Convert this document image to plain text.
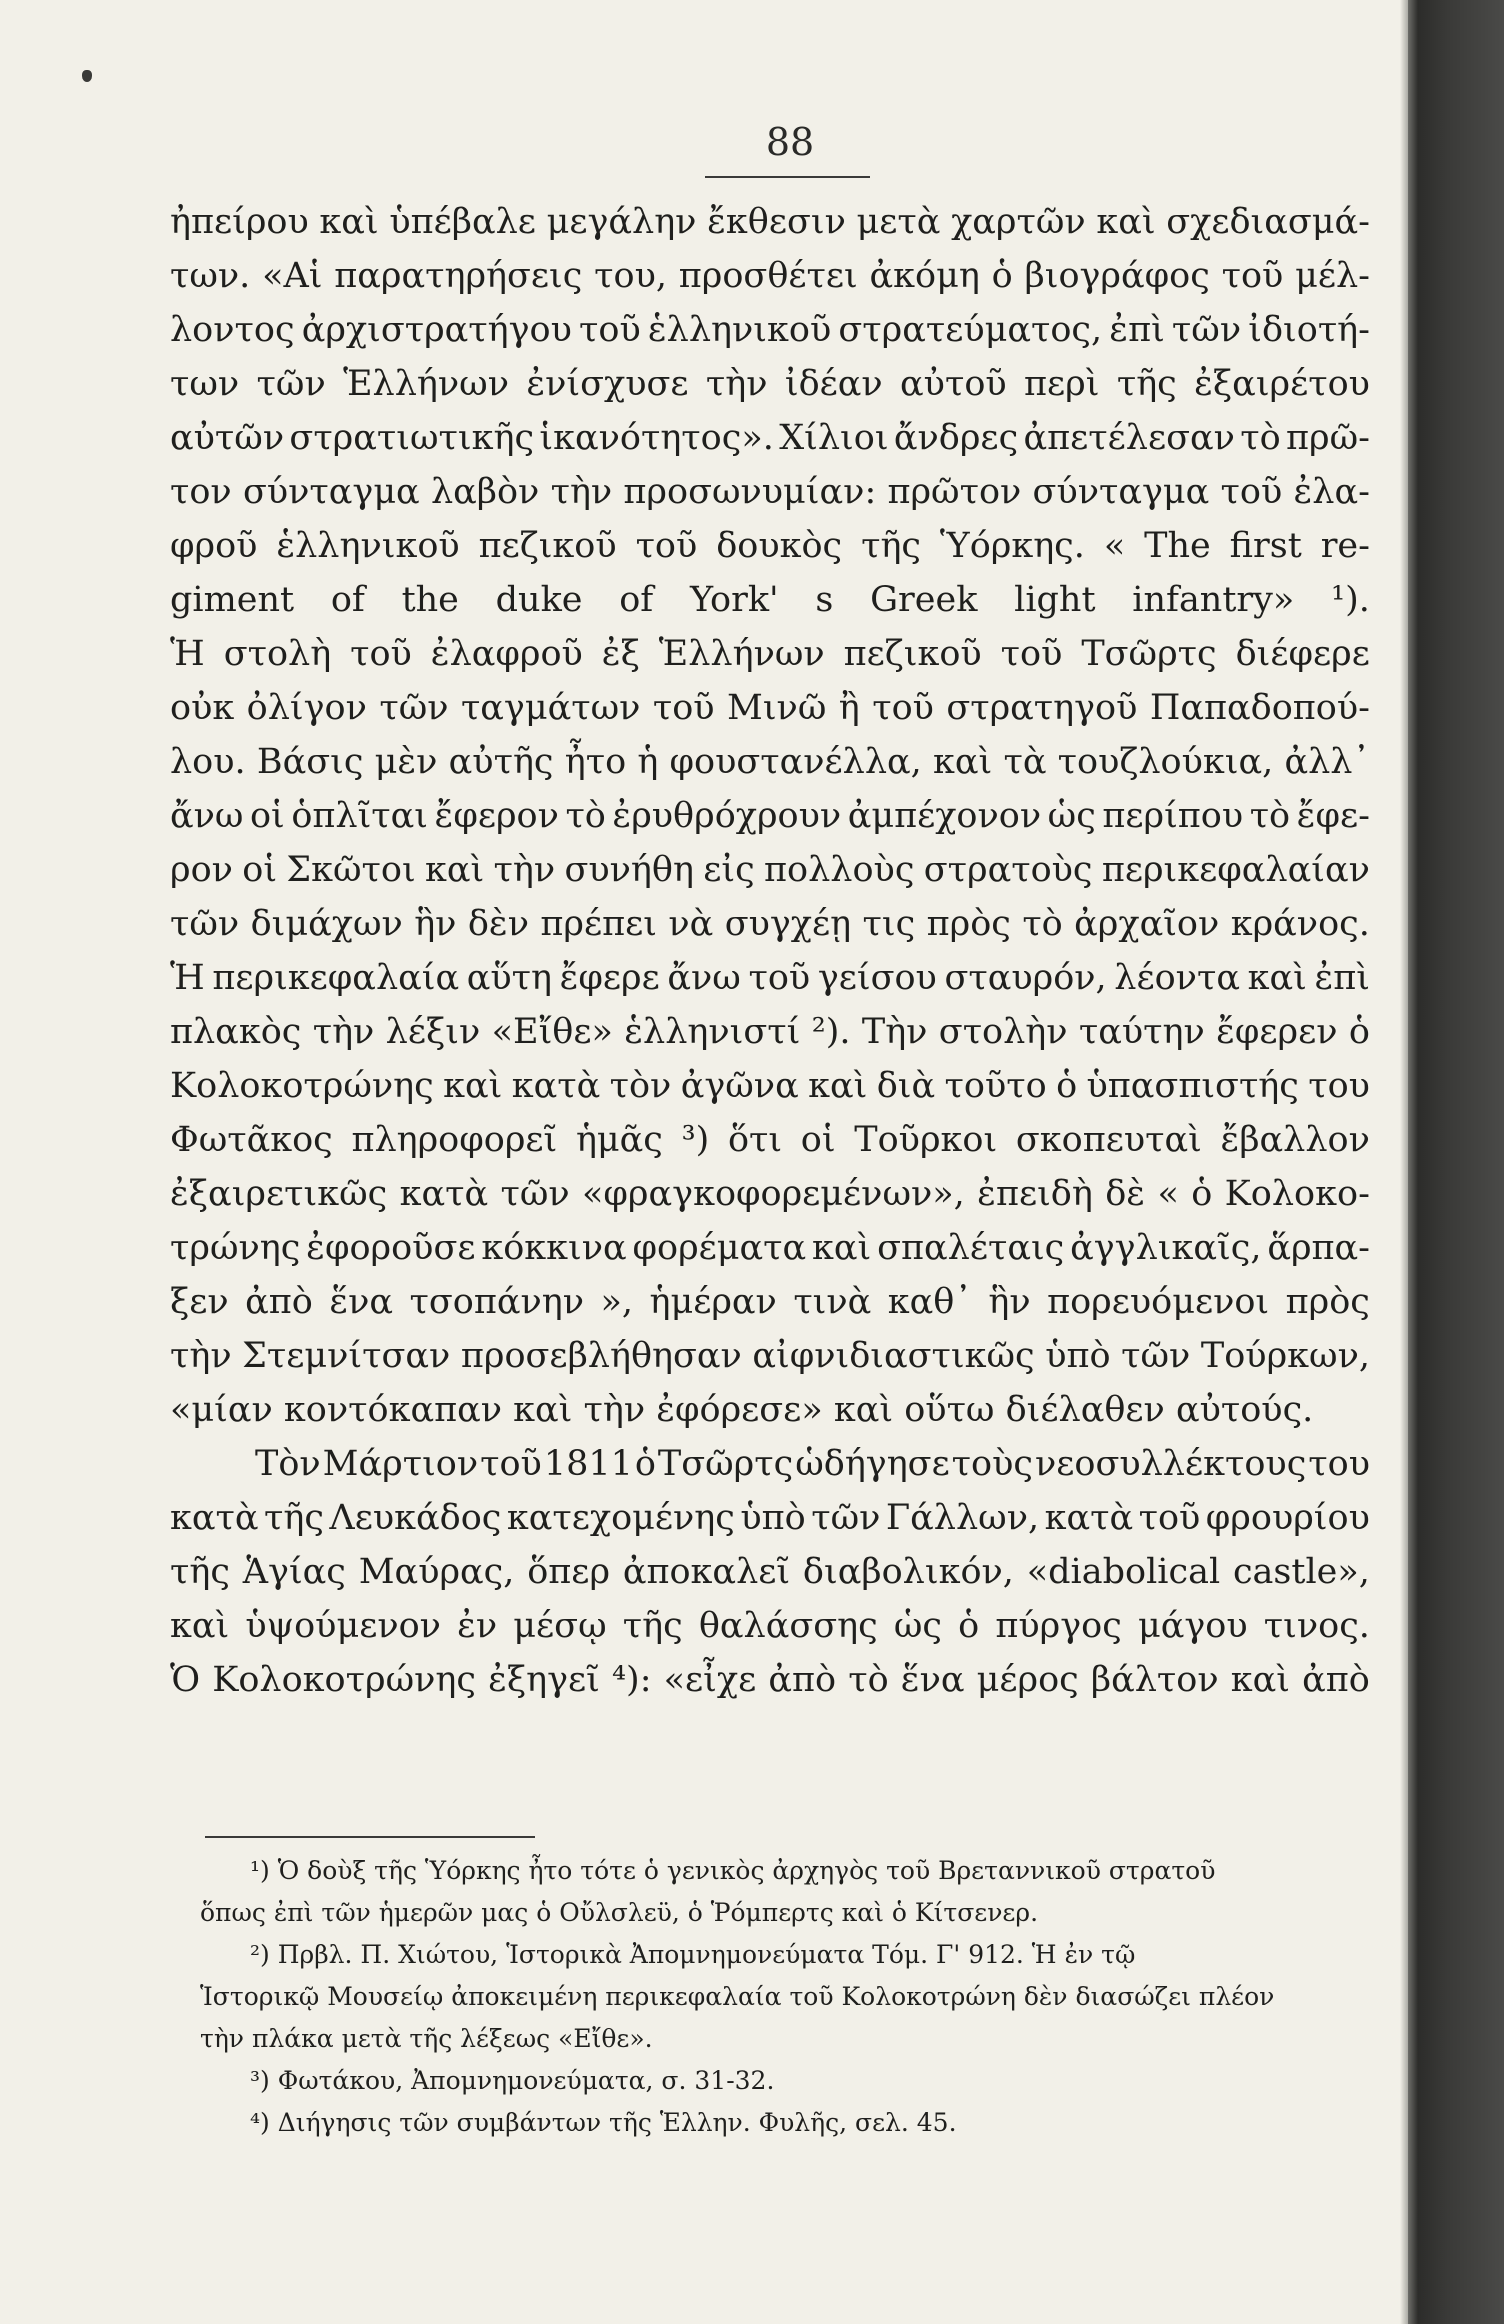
88
ἠπείρου καὶ ὑπέβαλε μεγάλην ἔκθεσιν μετὰ χαρτῶν καὶ σχεδιασμά-
των. «Αἱ παρατηρήσεις του, προσθέτει ἀκόμη ὁ βιογράφος τοῦ μέλ-
λοντος ἀρχιστρατήγου τοῦ ἑλληνικοῦ στρατεύματος, ἐπὶ τῶν ἰδιοτή-
των τῶν Ἑλλήνων ἐνίσχυσε τὴν ἰδέαν αὐτοῦ περὶ τῆς ἐξαιρέτου
αὐτῶν στρατιωτικῆς ἱκανότητος». Χίλιοι ἄνδρες ἀπετέλεσαν τὸ πρῶ-
τον σύνταγμα λαβὸν τὴν προσωνυμίαν: πρῶτον σύνταγμα τοῦ ἐλα-
φροῦ ἑλληνικοῦ πεζικοῦ τοῦ δουκὸς τῆς Ὑόρκης. « The first re-
giment of the duke of York' s Greek light infantry» ¹).
Ἡ στολὴ τοῦ ἐλαφροῦ ἐξ Ἑλλήνων πεζικοῦ τοῦ Τσῶρτς διέφερε
οὐκ ὀλίγον τῶν ταγμάτων τοῦ Μινῶ ἢ τοῦ στρατηγοῦ Παπαδοπού-
λου. Βάσις μὲν αὐτῆς ἦτο ἡ φουστανέλλα, καὶ τὰ τουζλούκια, ἀλλ᾽
ἄνω οἱ ὁπλῖται ἔφερον τὸ ἐρυθρόχρουν ἀμπέχονον ὡς περίπου τὸ ἔφε-
ρον οἱ Σκῶτοι καὶ τὴν συνήθη εἰς πολλοὺς στρατοὺς περικεφαλαίαν
τῶν διμάχων ἣν δὲν πρέπει νὰ συγχέῃ τις πρὸς τὸ ἀρχαῖον κράνος.
Ἡ περικεφαλαία αὕτη ἔφερε ἄνω τοῦ γείσου σταυρόν, λέοντα καὶ ἐπὶ
πλακὸς τὴν λέξιν «Εἴθε» ἑλληνιστί ²). Τὴν στολὴν ταύτην ἔφερεν ὁ
Κολοκοτρώνης καὶ κατὰ τὸν ἀγῶνα καὶ διὰ τοῦτο ὁ ὑπασπιστής του
Φωτᾶκος πληροφορεῖ ἡμᾶς ³) ὅτι οἱ Τοῦρκοι σκοπευταὶ ἔβαλλον
ἐξαιρετικῶς κατὰ τῶν «φραγκοφορεμένων», ἐπειδὴ δὲ « ὁ Κολοκο-
τρώνης ἐφοροῦσε κόκκινα φορέματα καὶ σπαλέταις ἀγγλικαῖς, ἅρπα-
ξεν ἀπὸ ἕνα τσοπάνην », ἡμέραν τινὰ καθ᾽ ἣν πορευόμενοι πρὸς
τὴν Στεμνίτσαν προσεβλήθησαν αἰφνιδιαστικῶς ὑπὸ τῶν Τούρκων,
«μίαν κοντόκαπαν καὶ τὴν ἐφόρεσε» καὶ οὕτω διέλαθεν αὐτούς.
Τὸν Μάρτιον τοῦ 1811 ὁ Τσῶρτς ὡδήγησε τοὺς νεοσυλλέκτους του
κατὰ τῆς Λευκάδος κατεχομένης ὑπὸ τῶν Γάλλων, κατὰ τοῦ φρουρίου
τῆς Ἁγίας Μαύρας, ὅπερ ἀποκαλεῖ διαβολικόν, «diabolical castle»,
καὶ ὑψούμενον ἐν μέσῳ τῆς θαλάσσης ὡς ὁ πύργος μάγου τινος.
Ὁ Κολοκοτρώνης ἐξηγεῖ ⁴): «εἶχε ἀπὸ τὸ ἕνα μέρος βάλτον καὶ ἀπὸ
¹) Ὁ δοὺξ τῆς Ὑόρκης ἦτο τότε ὁ γενικὸς ἀρχηγὸς τοῦ Βρεταννικοῦ στρατοῦ
ὅπως ἐπὶ τῶν ἡμερῶν μας ὁ Οὔλσλεϋ, ὁ Ῥόμπερτς καὶ ὁ Κίτσενερ.
²) Πρβλ. Π. Χιώτου, Ἱστορικὰ Ἀπομνημονεύματα Τόμ. Γ' 912. Ἡ ἐν τῷ
Ἱστορικῷ Μουσείῳ ἀποκειμένη περικεφαλαία τοῦ Κολοκοτρώνη δὲν διασώζει πλέον
τὴν πλάκα μετὰ τῆς λέξεως «Εἴθε».
³) Φωτάκου, Ἀπομνημονεύματα, σ. 31-32.
⁴) Διήγησις τῶν συμβάντων τῆς Ἑλλην. Φυλῆς, σελ. 45.
